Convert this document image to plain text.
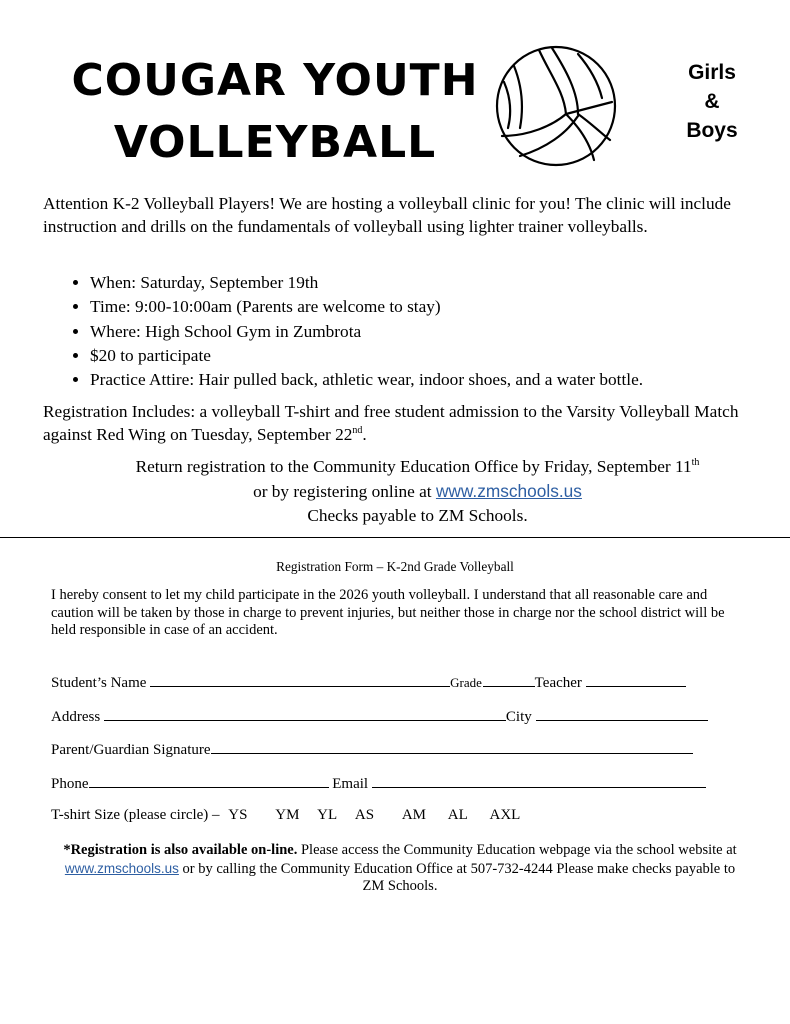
COUGAR YOUTH
VOLLEYBALL
Girls
&
Boys
Attention K-2 Volleyball Players! We are hosting a volleyball clinic for you! The clinic will include instruction and drills on the fundamentals of volleyball using lighter trainer volleyballs.
• When: Saturday, September 19th
• Time: 9:00-10:00am (Parents are welcome to stay)
• Where: High School Gym in Zumbrota
• $20 to participate
• Practice Attire: Hair pulled back, athletic wear, indoor shoes, and a water bottle.
Registration Includes: a volleyball T-shirt and free student admission to the Varsity Volleyball Match against Red Wing on Tuesday, September 22nd.
Return registration to the Community Education Office by Friday, September 11th
or by registering online at www.zmschools.us
Checks payable to ZM Schools.
Registration Form – K-2nd Grade Volleyball
I hereby consent to let my child participate in the 2026 youth volleyball. I understand that all reasonable care and caution will be taken by those in charge to prevent injuries, but neither those in charge nor the school district will be held responsible in case of an accident.
Student’s Name	Grade	Teacher
Address	City
Parent/Guardian Signature
Phone	Email
T-shirt Size (please circle) – YS YM YL AS AM AL AXL
*Registration is also available on-line. Please access the Community Education webpage via the school website at www.zmschools.us or by calling the Community Education Office at 507-732-4244 Please make checks payable to ZM Schools.
